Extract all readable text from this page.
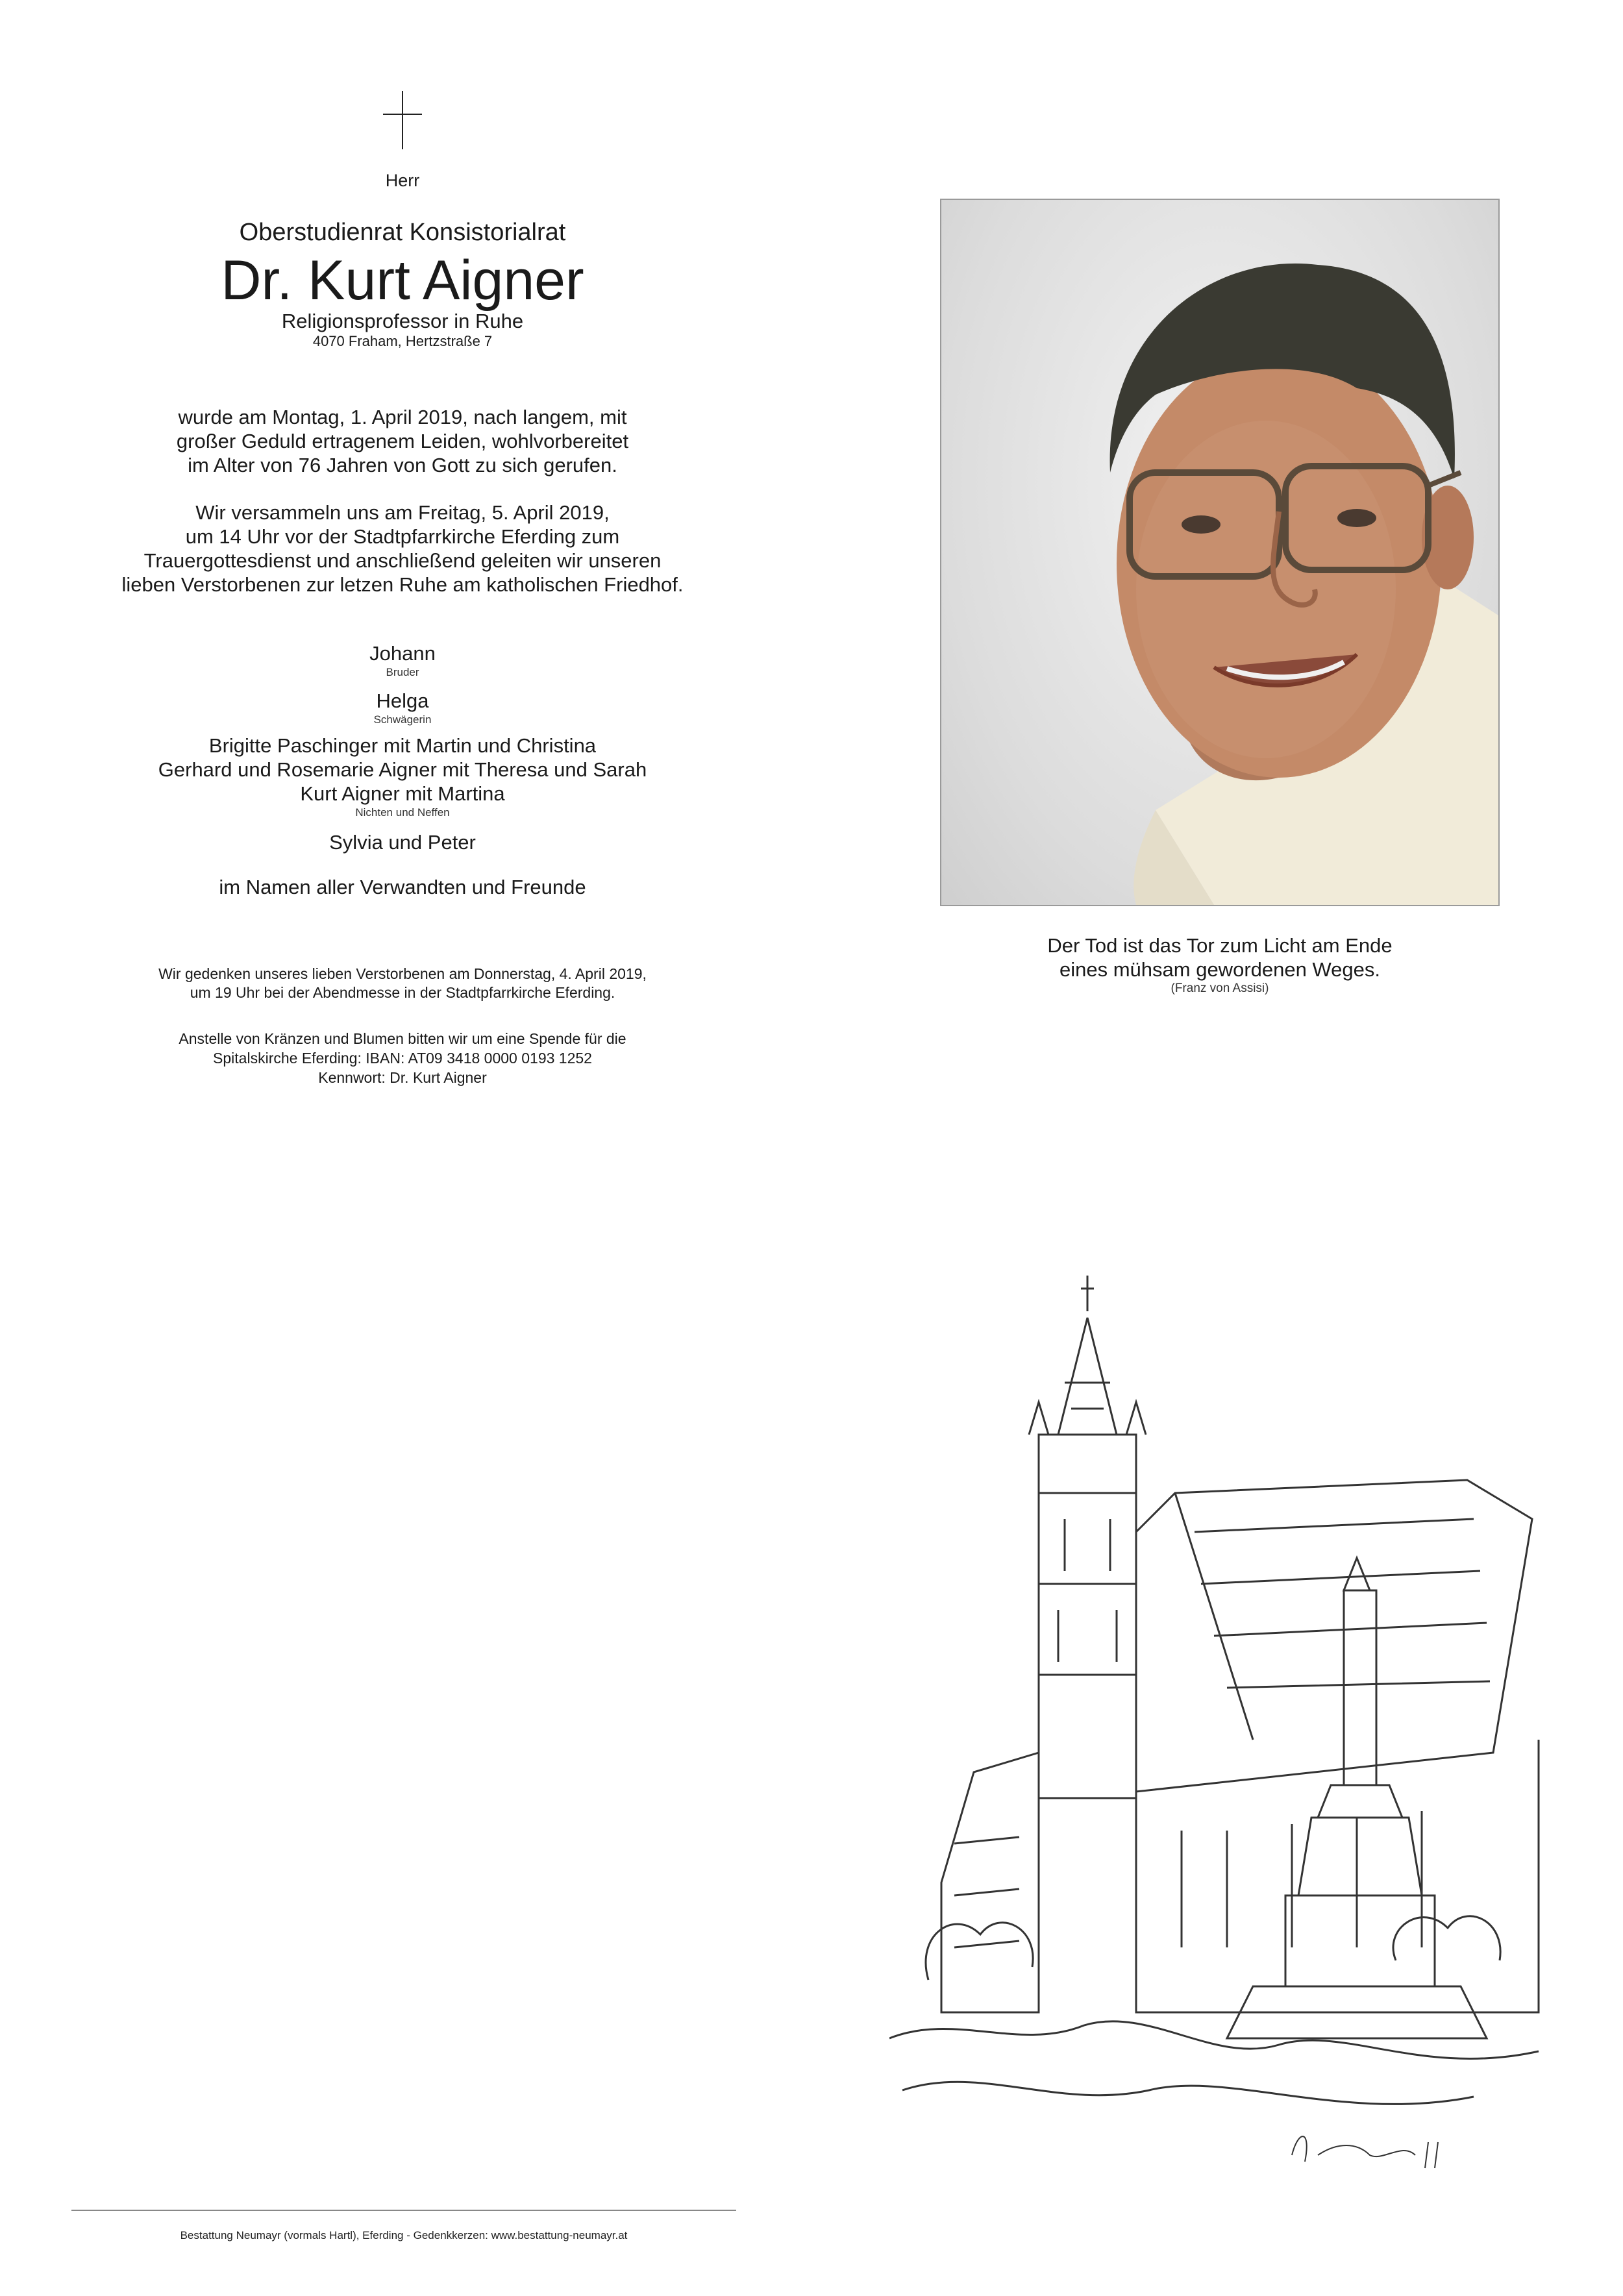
Herr

Oberstudienrat Konsistorialrat

Dr. Kurt Aigner

Religionsprofessor in Ruhe

4070 Fraham, Hertzstraße 7

wurde am Montag, 1. April 2019, nach langem, mit

großer Geduld ertragenem Leiden, wohlvorbereitet

im Alter von 76 Jahren von Gott zu sich gerufen.

Wir versammeln uns am Freitag, 5. April 2019,

um 14 Uhr vor der Stadtpfarrkirche Eferding zum

Trauergottesdienst und anschließend geleiten wir unseren

lieben Verstorbenen zur letzen Ruhe am katholischen Friedhof.

Johann

Bruder

Helga

Schwägerin

Brigitte Paschinger mit Martin und Christina

Gerhard und Rosemarie Aigner mit Theresa und Sarah

Kurt Aigner mit Martina

Nichten und Neffen

Sylvia und Peter

im Namen aller Verwandten und Freunde

Wir gedenken unseres lieben Verstorbenen am Donnerstag, 4. April 2019,

um 19 Uhr bei der Abendmesse in der Stadtpfarrkirche Eferding.

Anstelle von Kränzen und Blumen bitten wir um eine Spende für die

Spitalskirche Eferding: IBAN: AT09 3418 0000 0193 1252

Kennwort: Dr. Kurt Aigner

Der Tod ist das Tor zum Licht am Ende

eines mühsam gewordenen Weges.

(Franz von Assisi)

Bestattung Neumayr (vormals Hartl), Eferding - Gedenkkerzen: www.bestattung-neumayr.at
